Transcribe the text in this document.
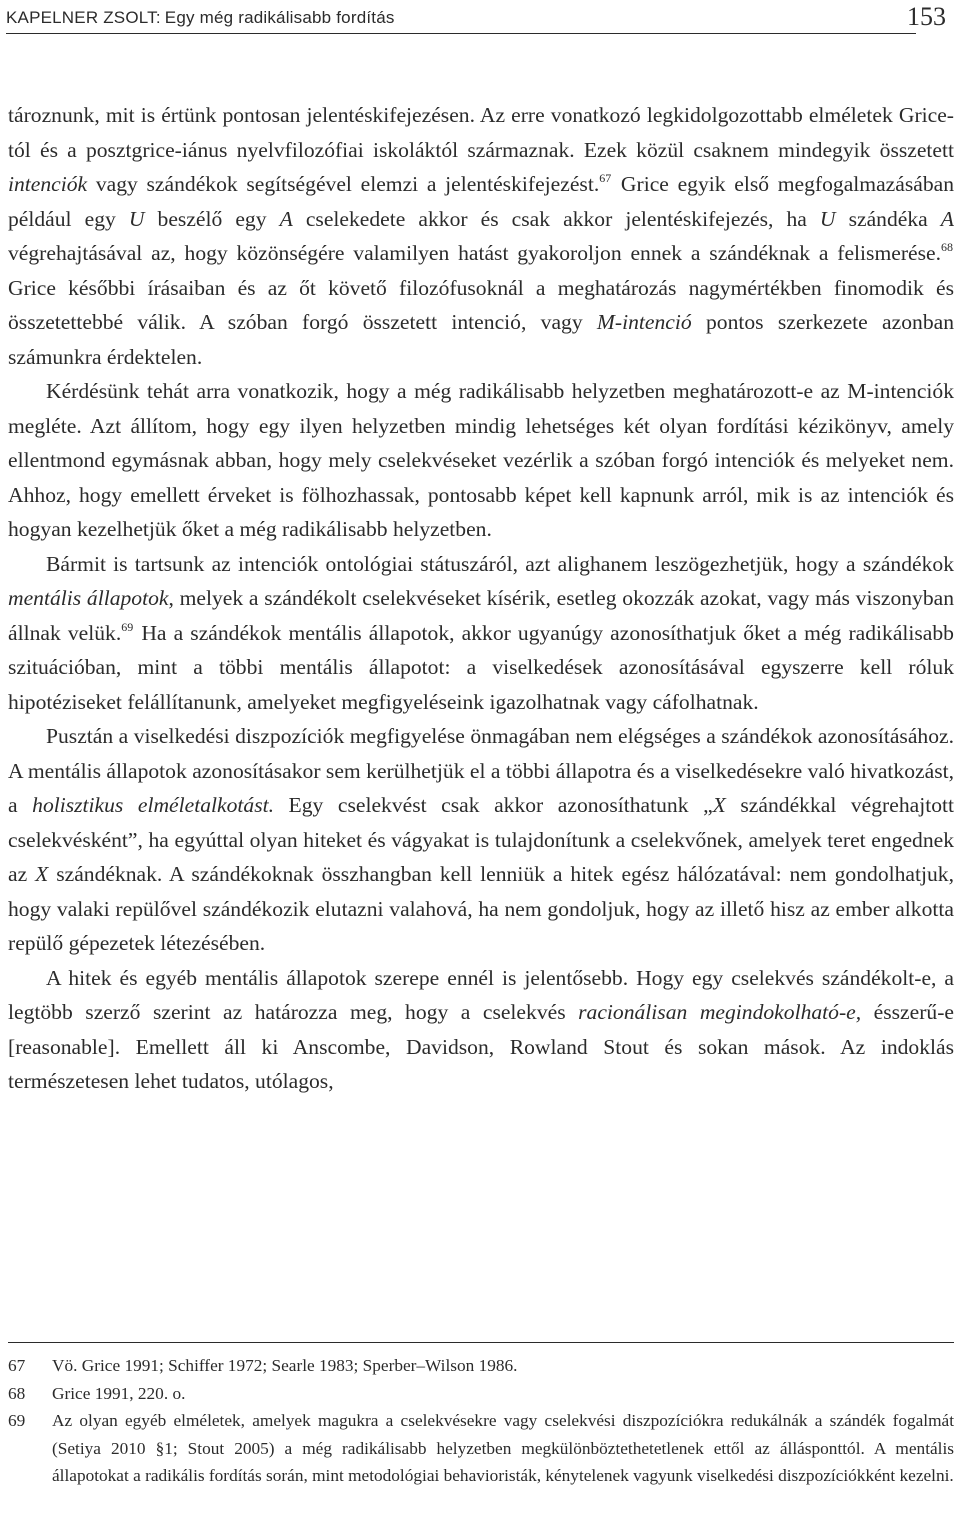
KAPELNER ZSOLT: Egy még radikálisabb fordítás	153

tároznunk, mit is értünk pontosan jelentéskifejezésen. Az erre vonatkozó legkidolgozottabb elméletek Grice-tól és a posztgrice-iánus nyelvfilozófiai iskoláktól származnak. Ezek közül csaknem mindegyik összetett intenciók vagy szándékok segítségével elemzi a jelentéskifejezést.$^{67}$ Grice egyik első megfogalmazásában például egy U beszélő egy A cselekedete akkor és csak akkor jelentéskifejezés, ha U szándéka A végrehajtásával az, hogy közönségére valamilyen hatást gyakoroljon ennek a szándéknak a felismerése.$^{68}$ Grice későbbi írásaiban és az őt követő filozófusoknál a meghatározás nagymértékben finomodik és összetettebbé válik. A szóban forgó összetett intenció, vagy M-intenció pontos szerkezete azonban számunkra érdektelen.

Kérdésünk tehát arra vonatkozik, hogy a még radikálisabb helyzetben meghatározott-e az M-intenciók megléte. Azt állítom, hogy egy ilyen helyzetben mindig lehetséges két olyan fordítási kézikönyv, amely ellentmond egymásnak abban, hogy mely cselekvéseket vezérlik a szóban forgó intenciók és melyeket nem. Ahhoz, hogy emellett érveket is fölhozhassak, pontosabb képet kell kapnunk arról, mik is az intenciók és hogyan kezelhetjük őket a még radikálisabb helyzetben.

Bármit is tartsunk az intenciók ontológiai státuszáról, azt alighanem leszögezhetjük, hogy a szándékok mentális állapotok, melyek a szándékolt cselekvéseket kísérik, esetleg okozzák azokat, vagy más viszonyban állnak velük.$^{69}$ Ha a szándékok mentális állapotok, akkor ugyanúgy azonosíthatjuk őket a még radikálisabb szituációban, mint a többi mentális állapotot: a viselkedések azonosításával egyszerre kell róluk hipotéziseket felállítanunk, amelyeket megfigyeléseink igazolhatnak vagy cáfolhatnak.

Pusztán a viselkedési diszpozíciók megfigyelése önmagában nem elégséges a szándékok azonosításához. A mentális állapotok azonosításakor sem kerülhetjük el a többi állapotra és a viselkedésekre való hivatkozást, a holisztikus elméletalkotást. Egy cselekvést csak akkor azonosíthatunk „X szándékkal végrehajtott cselekvésként”, ha egyúttal olyan hiteket és vágyakat is tulajdonítunk a cselekvőnek, amelyek teret engednek az X szándéknak. A szándékoknak összhangban kell lenniük a hitek egész hálózatával: nem gondolhatjuk, hogy valaki repülővel szándékozik elutazni valahová, ha nem gondoljuk, hogy az illető hisz az ember alkotta repülő gépezetek létezésében.

A hitek és egyéb mentális állapotok szerepe ennél is jelentősebb. Hogy egy cselekvés szándékolt-e, a legtöbb szerző szerint az határozza meg, hogy a cselekvés racionálisan megindokolható-e, ésszerű-e [reasonable]. Emellett áll ki Anscombe, Davidson, Rowland Stout és sokan mások. Az indoklás természetesen lehet tudatos, utólagos,

67	Vö. Grice 1991; Schiffer 1972; Searle 1983; Sperber–Wilson 1986.
68	Grice 1991, 220. o.
69	Az olyan egyéb elméletek, amelyek magukra a cselekvésekre vagy cselekvési diszpozíciókra redukálnák a szándék fogalmát (Setiya 2010 §1; Stout 2005) a még radikálisabb helyzetben megkülönböztethetetlenek ettől az állásponttól. A mentális állapotokat a radikális fordítás során, mint metodológiai behavioristák, kénytelenek vagyunk viselkedési diszpozíciókként kezelni.
